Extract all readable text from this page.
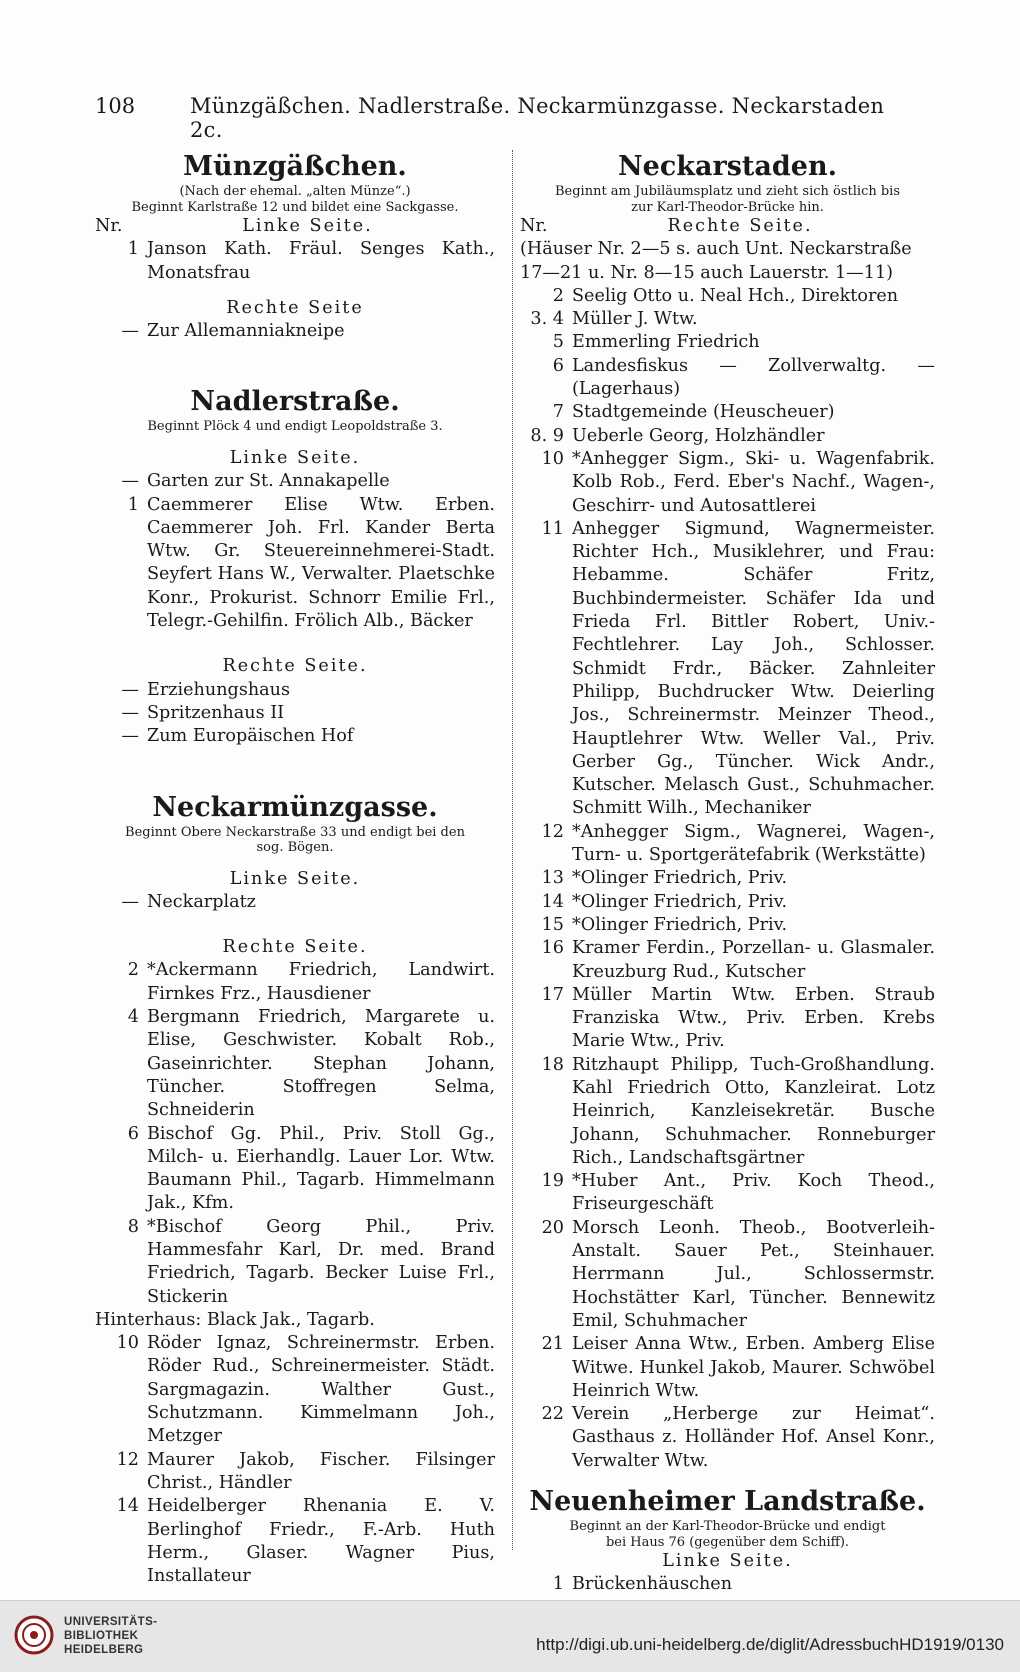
108	Münzgäßchen. Nadlerstraße. Neckarmünzgasse. Neckarstaden 2c.

Münzgäßchen.

(Nach der ehemal. „alten Münze“.)

Beginnt Karlstraße 12 und bildet eine Sackgasse.

Nr.	Linke Seite.
1 Janson Kath. Fräul. Senges Kath., Monatsfrau

Rechte Seite

— Zur Allemanniakneipe

Nadlerstraße.

Beginnt Plöck 4 und endigt Leopoldstraße 3.

Linke Seite.

— Garten zur St. Annakapelle
1 Caemmerer Elise Wtw. Erben. Caemmerer Joh. Frl. Kander Berta Wtw. Gr. Steuereinnehmerei-Stadt. Seyfert Hans W., Verwalter. Plaetschke Konr., Prokurist. Schnorr Emilie Frl., Telegr.-Gehilfin. Frölich Alb., Bäcker

Rechte Seite.

— Erziehungshaus
— Spritzenhaus II
— Zum Europäischen Hof

Neckarmünzgasse.

Beginnt Obere Neckarstraße 33 und endigt bei den

sog. Bögen.

Linke Seite.

— Neckarplatz

Rechte Seite.

2 *Ackermann Friedrich, Landwirt. Firnkes Frz., Hausdiener
4 Bergmann Friedrich, Margarete u. Elise, Geschwister. Kobalt Rob., Gaseinrichter. Stephan Johann, Tüncher. Stoffregen Selma, Schneiderin
6 Bischof Gg. Phil., Priv. Stoll Gg., Milch- u. Eierhandlg. Lauer Lor. Wtw. Baumann Phil., Tagarb. Himmelmann Jak., Kfm.
8 *Bischof Georg Phil., Priv. Hammesfahr Karl, Dr. med. Brand Friedrich, Tagarb. Becker Luise Frl., Stickerin

Hinterhaus: Black Jak., Tagarb.

10 Röder Ignaz, Schreinermstr. Erben. Röder Rud., Schreinermeister. Städt. Sargmagazin. Walther Gust., Schutzmann. Kimmelmann Joh., Metzger
12 Maurer Jakob, Fischer. Filsinger Christ., Händler
14 Heidelberger Rhenania E. V. Berlinghof Friedr., F.-Arb. Huth Herm., Glaser. Wagner Pius, Installateur

Neckarstaden.

Beginnt am Jubiläumsplatz und zieht sich östlich bis

zur Karl-Theodor-Brücke hin.

Nr.	Rechte Seite.

(Häuser Nr. 2—5 s. auch Unt. Neckarstraße 17—21 u. Nr. 8—15 auch Lauerstr. 1—11)

2 Seelig Otto u. Neal Hch., Direktoren
3. 4 Müller J. Wtw.
5 Emmerling Friedrich
6 Landesfiskus — Zollverwaltg. — (Lagerhaus)
7 Stadtgemeinde (Heuscheuer)
8. 9 Ueberle Georg, Holzhändler
10 *Anhegger Sigm., Ski- u. Wagenfabrik. Kolb Rob., Ferd. Eber's Nachf., Wagen-, Geschirr- und Autosattlerei
11 Anhegger Sigmund, Wagnermeister. Richter Hch., Musiklehrer, und Frau: Hebamme. Schäfer Fritz, Buchbindermeister. Schäfer Ida und Frieda Frl. Bittler Robert, Univ.-Fechtlehrer. Lay Joh., Schlosser. Schmidt Frdr., Bäcker. Zahnleiter Philipp, Buchdrucker Wtw. Deierling Jos., Schreinermstr. Meinzer Theod., Hauptlehrer Wtw. Weller Val., Priv. Gerber Gg., Tüncher. Wick Andr., Kutscher. Melasch Gust., Schuhmacher. Schmitt Wilh., Mechaniker
12 *Anhegger Sigm., Wagnerei, Wagen-, Turn- u. Sportgerätefabrik (Werkstätte)
13 *Olinger Friedrich, Priv.
14 *Olinger Friedrich, Priv.
15 *Olinger Friedrich, Priv.
16 Kramer Ferdin., Porzellan- u. Glasmaler. Kreuzburg Rud., Kutscher
17 Müller Martin Wtw. Erben. Straub Franziska Wtw., Priv. Erben. Krebs Marie Wtw., Priv.
18 Ritzhaupt Philipp, Tuch-Großhandlung. Kahl Friedrich Otto, Kanzleirat. Lotz Heinrich, Kanzleisekretär. Busche Johann, Schuhmacher. Ronneburger Rich., Landschaftsgärtner
19 *Huber Ant., Priv. Koch Theod., Friseurgeschäft
20 Morsch Leonh. Theob., Bootverleih-Anstalt. Sauer Pet., Steinhauer. Herrmann Jul., Schlossermstr. Hochstätter Karl, Tüncher. Bennewitz Emil, Schuhmacher
21 Leiser Anna Wtw., Erben. Amberg Elise Witwe. Hunkel Jakob, Maurer. Schwöbel Heinrich Wtw.
22 Verein „Herberge zur Heimat“. Gasthaus z. Holländer Hof. Ansel Konr., Verwalter Wtw.

Neuenheimer Landstraße.

Beginnt an der Karl-Theodor-Brücke und endigt

bei Haus 76 (gegenüber dem Schiff).

Linke Seite.

1 Brückenhäuschen
UNIVERSITÄTS-
BIBLIOTHEK
HEIDELBERG	http://digi.ub.uni-heidelberg.de/diglit/AdressbuchHD1919/0130
